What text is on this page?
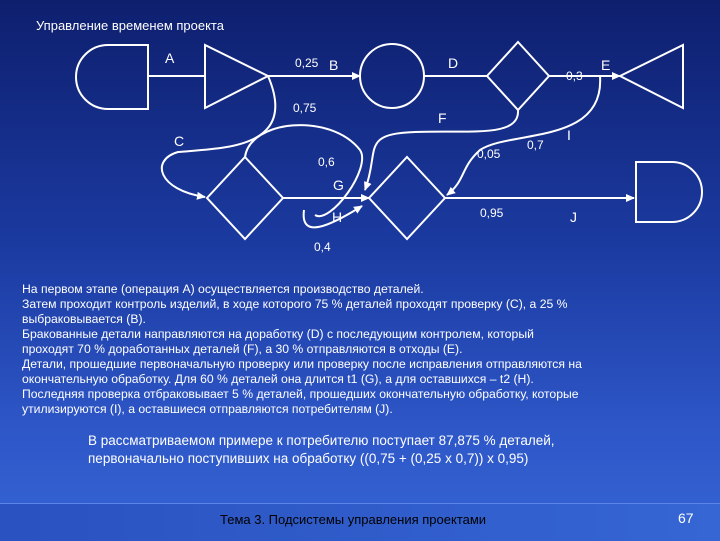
Управление временем проекта
A	0,25 B	D
0,3
E
0,75
F
C	0,7
I
0,05
0,6
G
H	0,95	J
0,4
На первом этапе (операция А) осуществляется производство деталей.
Затем проходит контроль изделий, в ходе которого 75 % деталей проходят проверку (С), а 25 %
выбраковывается (В).
Бракованные детали направляются на доработку (D) с последующим контролем, который
проходят 70 % доработанных деталей (F), а 30 % отправляются в отходы (Е).
Детали, прошедшие первоначальную проверку или проверку после исправления отправляются на
окончательную обработку. Для 60 % деталей она длится t1 (G), а для оставшихся – t2 (H).
Последняя проверка отбраковывает 5 % деталей, прошедших окончательную обработку, которые
утилизируются (I), а оставшиеся отправляются потребителям (J).
В рассматриваемом примере к потребителю поступает 87,875 % деталей,
первоначально поступивших на обработку ((0,75 + (0,25 х 0,7)) х 0,95)
Тема 3. Подсистемы управления проектами	67
